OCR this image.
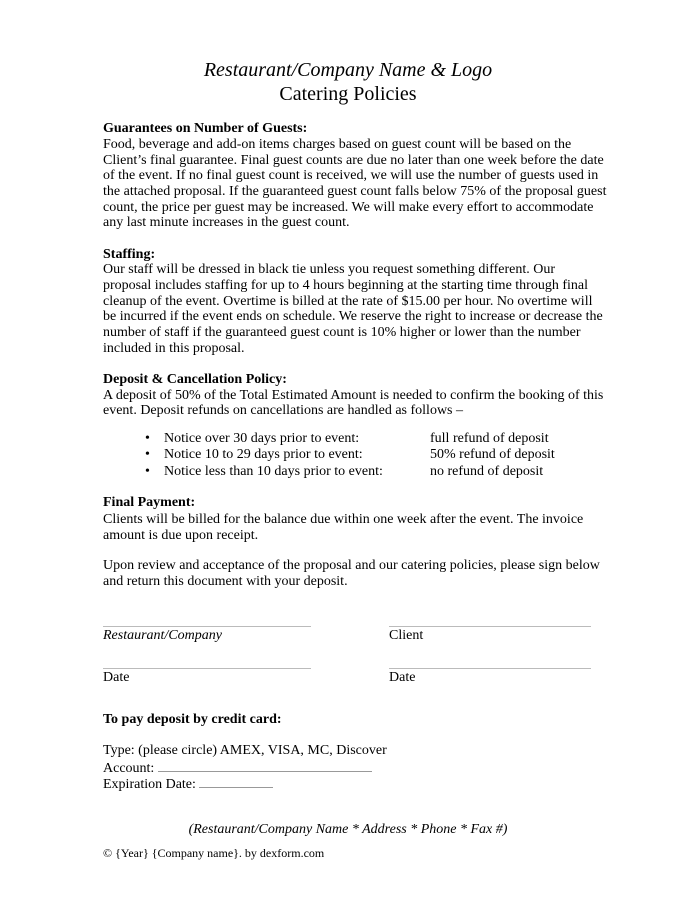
Restaurant/Company Name & Logo
Catering Policies
Guarantees on Number of Guests:
Food, beverage and add-on items charges based on guest count will be based on the
Client’s final guarantee. Final guest counts are due no later than one week before the date
of the event. If no final guest count is received, we will use the number of guests used in
the attached proposal. If the guaranteed guest count falls below 75% of the proposal guest
count, the price per guest may be increased. We will make every effort to accommodate
any last minute increases in the guest count.
Staffing:
Our staff will be dressed in black tie unless you request something different. Our
proposal includes staffing for up to 4 hours beginning at the starting time through final
cleanup of the event. Overtime is billed at the rate of $15.00 per hour. No overtime will
be incurred if the event ends on schedule. We reserve the right to increase or decrease the
number of staff if the guaranteed guest count is 10% higher or lower than the number
included in this proposal.
Deposit & Cancellation Policy:
A deposit of 50% of the Total Estimated Amount is needed to confirm the booking of this
event. Deposit refunds on cancellations are handled as follows –
• Notice over 30 days prior to event:	full refund of deposit
• Notice 10 to 29 days prior to event:	50% refund of deposit
• Notice less than 10 days prior to event:	no refund of deposit
Final Payment:
Clients will be billed for the balance due within one week after the event. The invoice
amount is due upon receipt.
Upon review and acceptance of the proposal and our catering policies, please sign below
and return this document with your deposit.
Restaurant/Company	Client
Date	Date
To pay deposit by credit card:
Type: (please circle) AMEX, VISA, MC, Discover
Account:
Expiration Date:
(Restaurant/Company Name * Address * Phone * Fax #)
© {Year} {Company name}. by dexform.com
